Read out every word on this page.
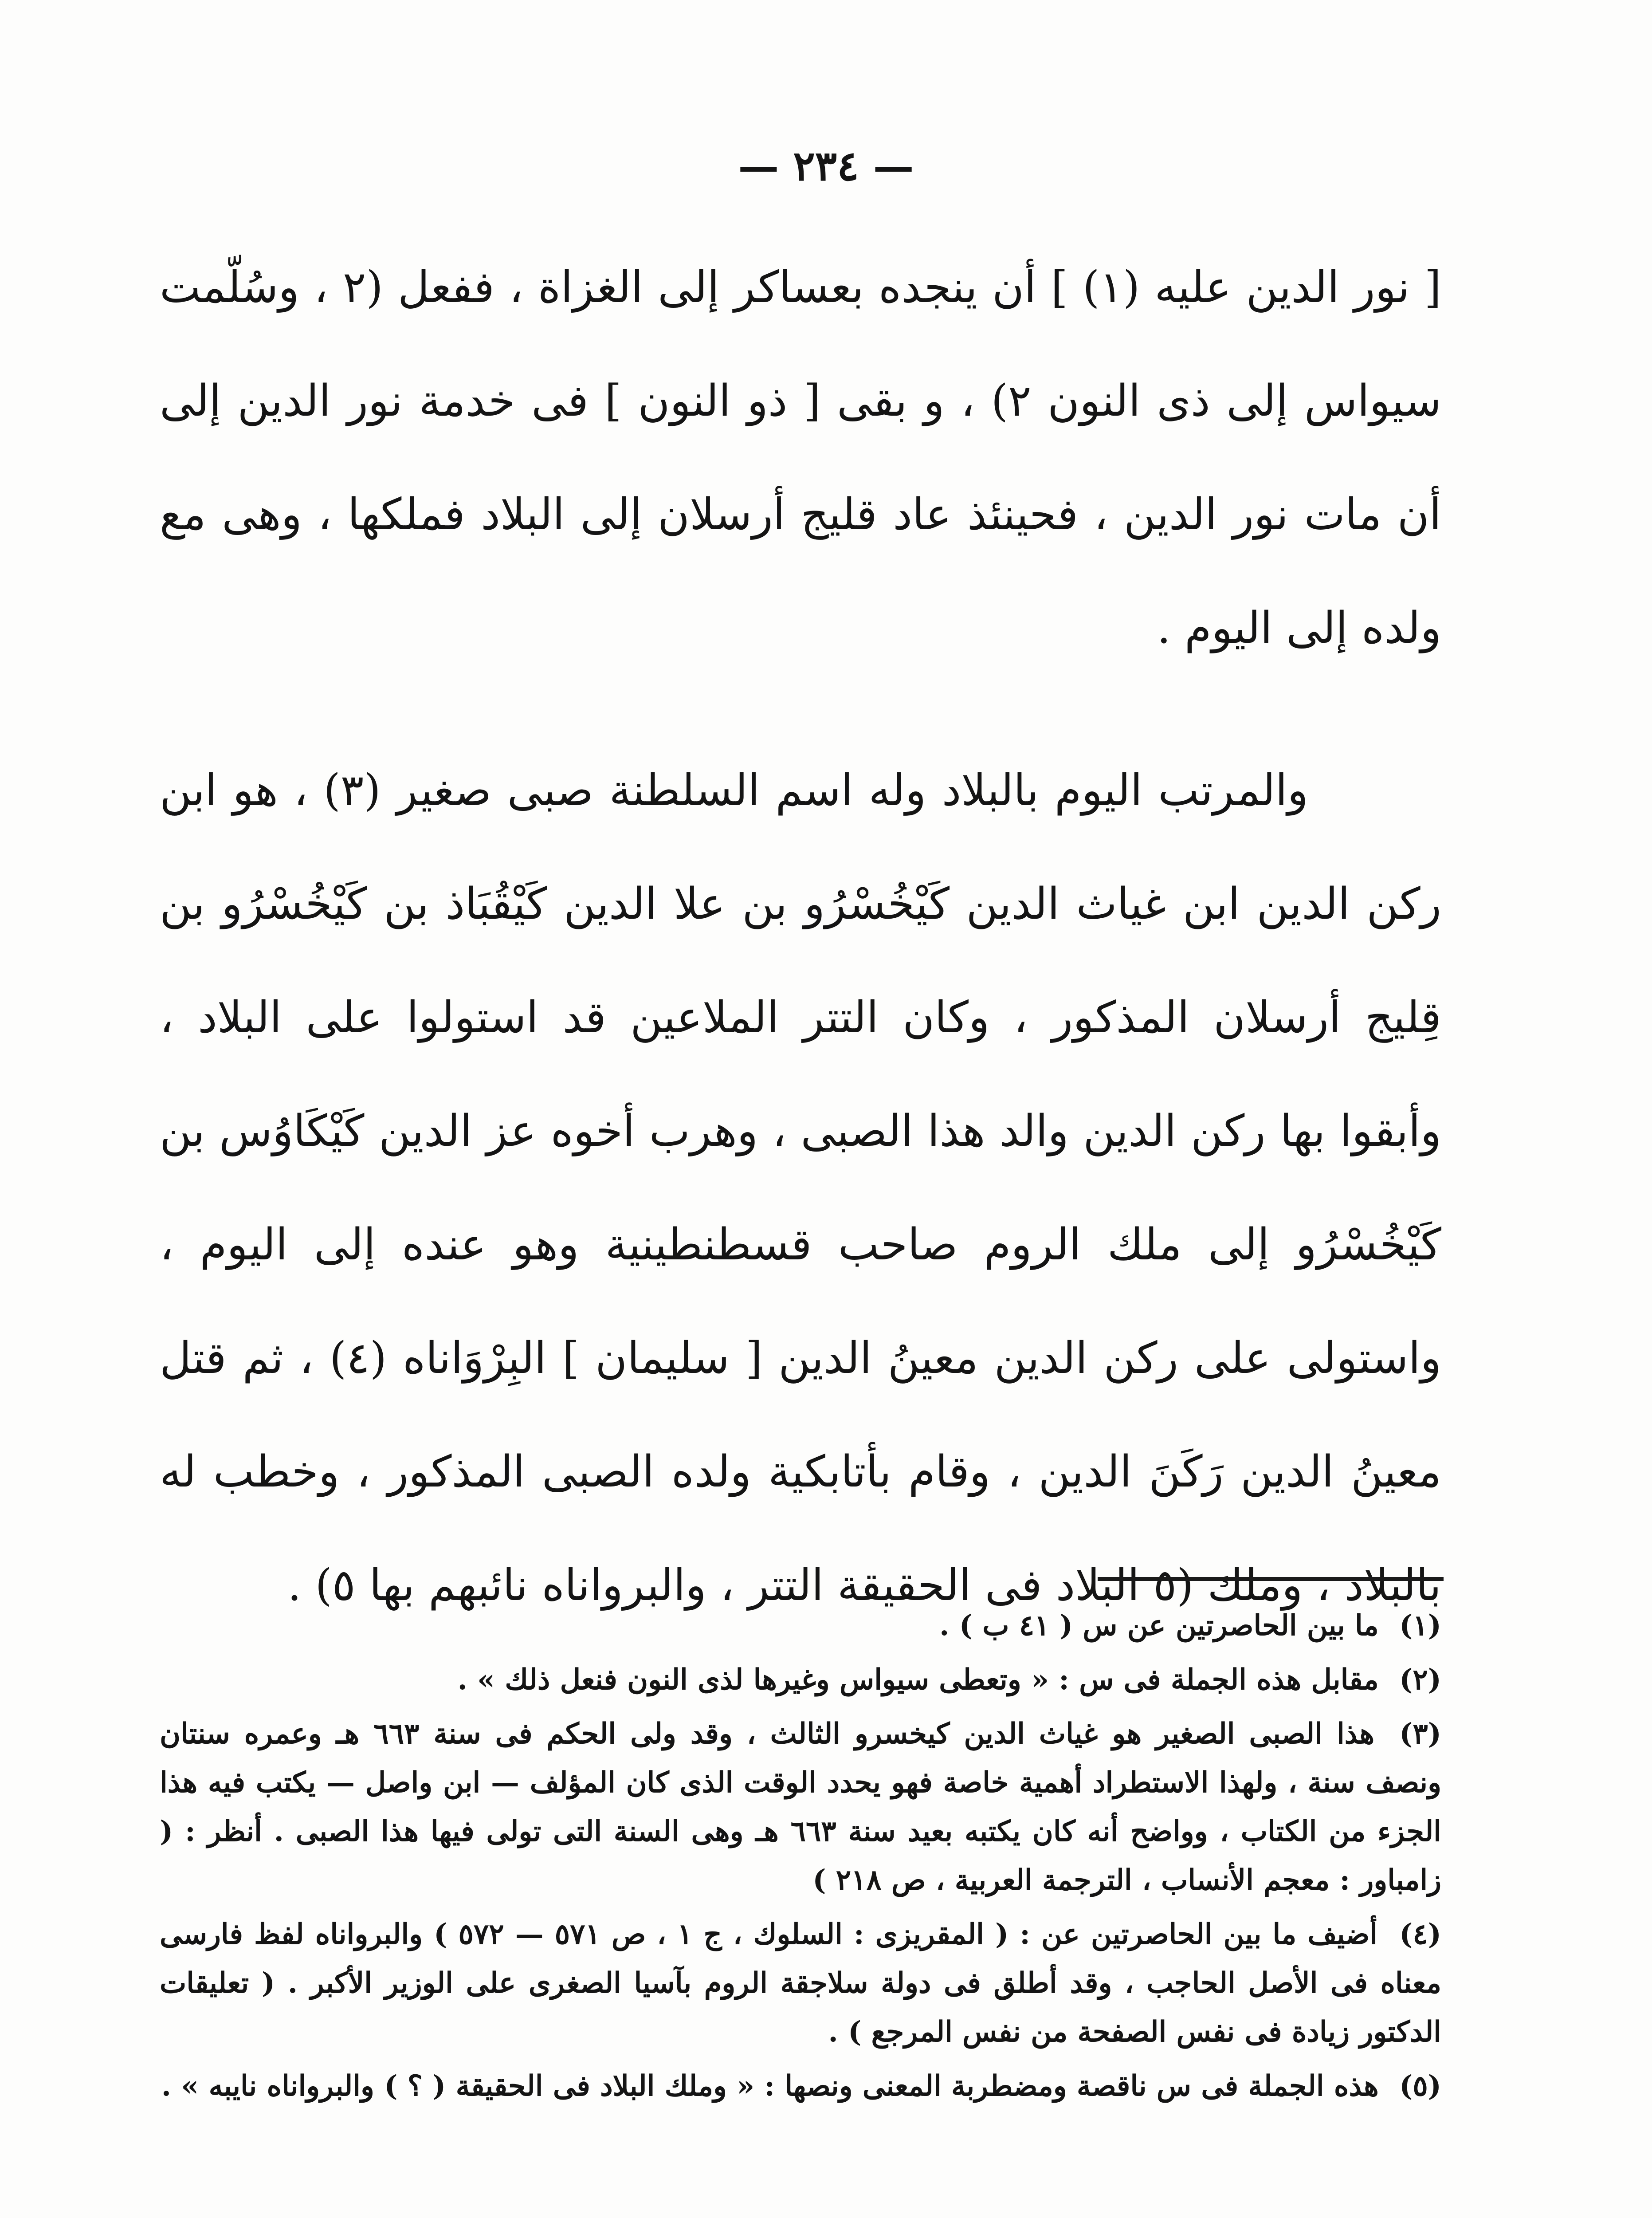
— ٢٣٤ —

[ نور الدين عليه (١) ] أن ينجده بعساكر إلى الغزاة ، ففعل (٢ ، وسُلّمت سيواس إلى ذى النون ٢) ، و بقى [ ذو النون ] فى خدمة نور الدين إلى أن مات نور الدين ، فحينئذ عاد قليج أرسلان إلى البلاد فملكها ، وهى مع ولده إلى اليوم .

والمرتب اليوم بالبلاد وله اسم السلطنة صبى صغير (٣) ، هو ابن ركن الدين ابن غياث الدين كَيْخُسْرُو بن علا الدين كَيْقُبَاذ بن كَيْخُسْرُو بن قِليج أرسلان المذكور ، وكان التتر الملاعين قد استولوا على البلاد ، وأبقوا بها ركن الدين والد هذا الصبى ، وهرب أخوه عز الدين كَيْكَاوُس بن كَيْخُسْرُو إلى ملك الروم صاحب قسطنطينية وهو عنده إلى اليوم ، واستولى على ركن الدين معينُ الدين [ سليمان ] البِرْوَاناه (٤) ، ثم قتل معينُ الدين رَكَنَ الدين ، وقام بأتابكية ولده الصبى المذكور ، وخطب له بالبلاد ، وملك (٥ البلاد فى الحقيقة التتر ، والبرواناه نائبهم بها ٥) .

(١) ما بين الحاصرتين عن س ( ٤١ ب ) .

(٢) مقابل هذه الجملة فى س : « وتعطى سيواس وغيرها لذى النون فنعل ذلك » .

(٣) هذا الصبى الصغير هو غياث الدين كيخسرو الثالث ، وقد ولى الحكم فى سنة ٦٦٣ هـ وعمره سنتان ونصف سنة ، ولهذا الاستطراد أهمية خاصة فهو يحدد الوقت الذى كان المؤلف — ابن واصل — يكتب فيه هذا الجزء من الكتاب ، وواضح أنه كان يكتبه بعيد سنة ٦٦٣ هـ وهى السنة التى تولى فيها هذا الصبى . أنظر : ( زامباور : معجم الأنساب ، الترجمة العربية ، ص ٢١٨ )

(٤) أضيف ما بين الحاصرتين عن : ( المقريزى : السلوك ، ج ١ ، ص ٥٧١ — ٥٧٢ ) والبرواناه لفظ فارسى معناه فى الأصل الحاجب ، وقد أطلق فى دولة سلاجقة الروم بآسيا الصغرى على الوزير الأكبر . ( تعليقات الدكتور زيادة فى نفس الصفحة من نفس المرجع ) .

(٥) هذه الجملة فى س ناقصة ومضطربة المعنى ونصها : « وملك البلاد فى الحقيقة ( ؟ ) والبرواناه نايبه » .
